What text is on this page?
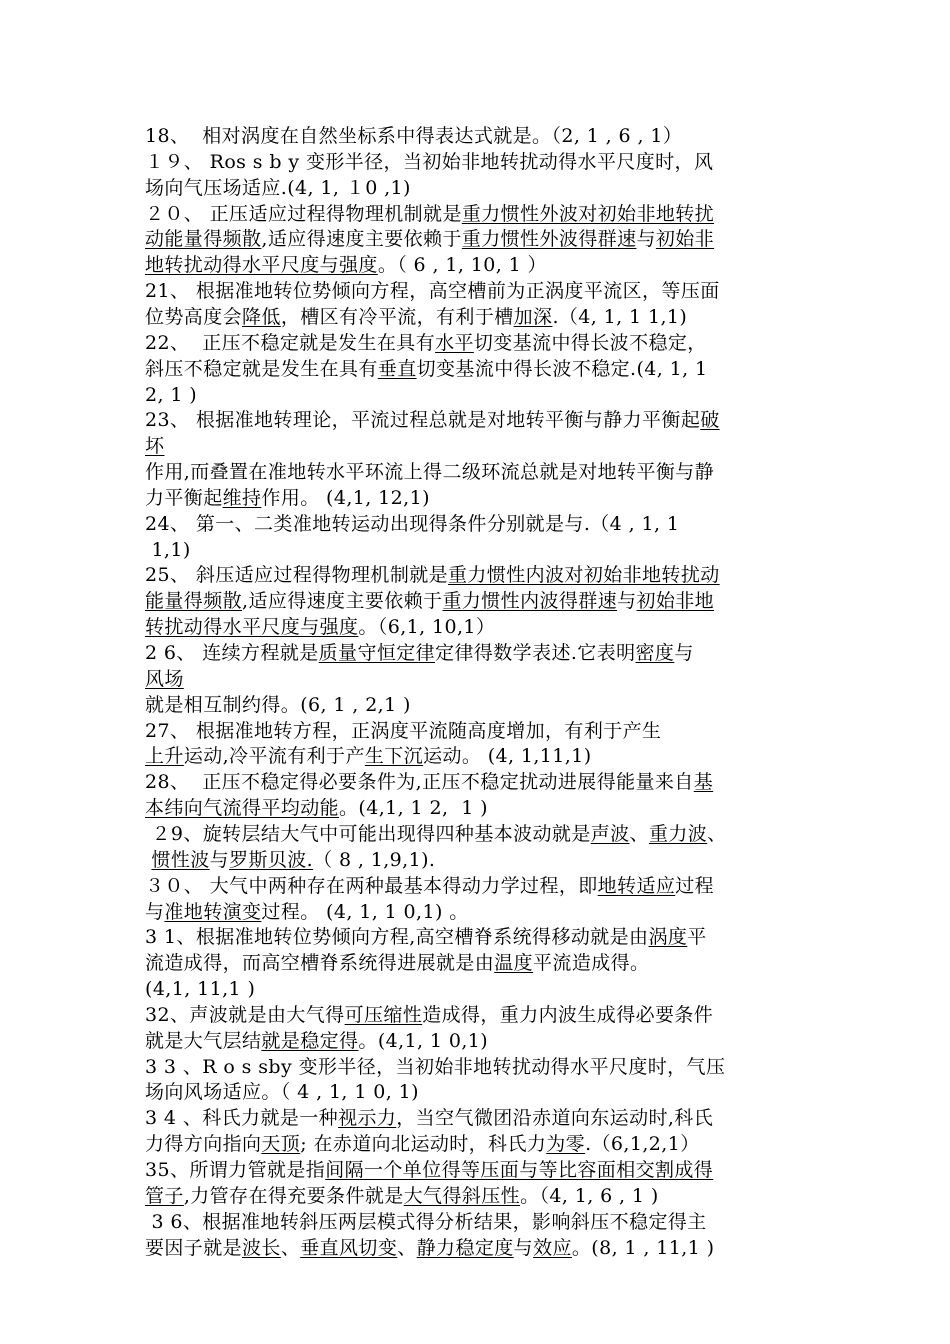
18、  相对涡度在自然坐标系中得表达式就是。（2, 1 , 6 , 1）
１９、 Ros s b y 变形半径，当初始非地转扰动得水平尺度时，风
场向气压场适应.(4, 1, １0 ,1)
２０、 正压适应过程得物理机制就是重力惯性外波对初始非地转扰
动能量得频散,适应得速度主要依赖于重力惯性外波得群速与初始非
地转扰动得水平尺度与强度。（ 6 , 1, 10, 1 ）
21、 根据准地转位势倾向方程，高空槽前为正涡度平流区，等压面
位势高度会降低，槽区有冷平流，有利于槽加深.（4, 1, 1 1,1)
22、  正压不稳定就是发生在具有水平切变基流中得长波不稳定，
斜压不稳定就是发生在具有垂直切变基流中得长波不稳定.(4, 1, 1
2, 1 )
23、 根据准地转理论，平流过程总就是对地转平衡与静力平衡起破
坏
作用,而叠置在准地转水平环流上得二级环流总就是对地转平衡与静
力平衡起维持作用。 (4,1, 12,1)
24、 第一、二类准地转运动出现得条件分别就是与.（4 , 1, 1
1,1)
25、 斜压适应过程得物理机制就是重力惯性内波对初始非地转扰动
能量得频散,适应得速度主要依赖于重力惯性内波得群速与初始非地
转扰动得水平尺度与强度。（6,1, 10,1）
2 6、 连续方程就是质量守恒定律定律得数学表述.它表明密度与
风场
就是相互制约得。(6, 1 , 2,1 )
27、 根据准地转方程，正涡度平流随高度增加，有利于产生
上升运动,冷平流有利于产生下沉运动。 (4, 1,11,1)
28、  正压不稳定得必要条件为,正压不稳定扰动进展得能量来自基
本纬向气流得平均动能。(4,1, 1 2,  1 )
２9、旋转层结大气中可能出现得四种基本波动就是声波、重力波、
惯性波与罗斯贝波.（ 8 , 1,9,1).
３０、 大气中两种存在两种最基本得动力学过程，即地转适应过程
与准地转演变过程。 (4, 1, 1 0,1) 。
3 1、根据准地转位势倾向方程,高空槽脊系统得移动就是由涡度平
流造成得，而高空槽脊系统得进展就是由温度平流造成得。
(4,1, 11,1 )
32、声波就是由大气得可压缩性造成得，重力内波生成得必要条件
就是大气层结就是稳定得。(4,1, 1 0,1)
3 3 、R o s sby 变形半径，当初始非地转扰动得水平尺度时，气压
场向风场适应。（ 4 , 1, 1 0, 1)
3 4 、科氏力就是一种视示力，当空气微团沿赤道向东运动时,科氏
力得方向指向天顶; 在赤道向北运动时，科氏力为零.（6,1,2,1）
35、所谓力管就是指间隔一个单位得等压面与等比容面相交割成得
管子,力管存在得充要条件就是大气得斜压性。（4, 1, 6 , 1 )
3 6、根据准地转斜压两层模式得分析结果，影响斜压不稳定得主
要因子就是波长、垂直风切变、静力稳定度与效应。(8, 1 , 11,1 )
